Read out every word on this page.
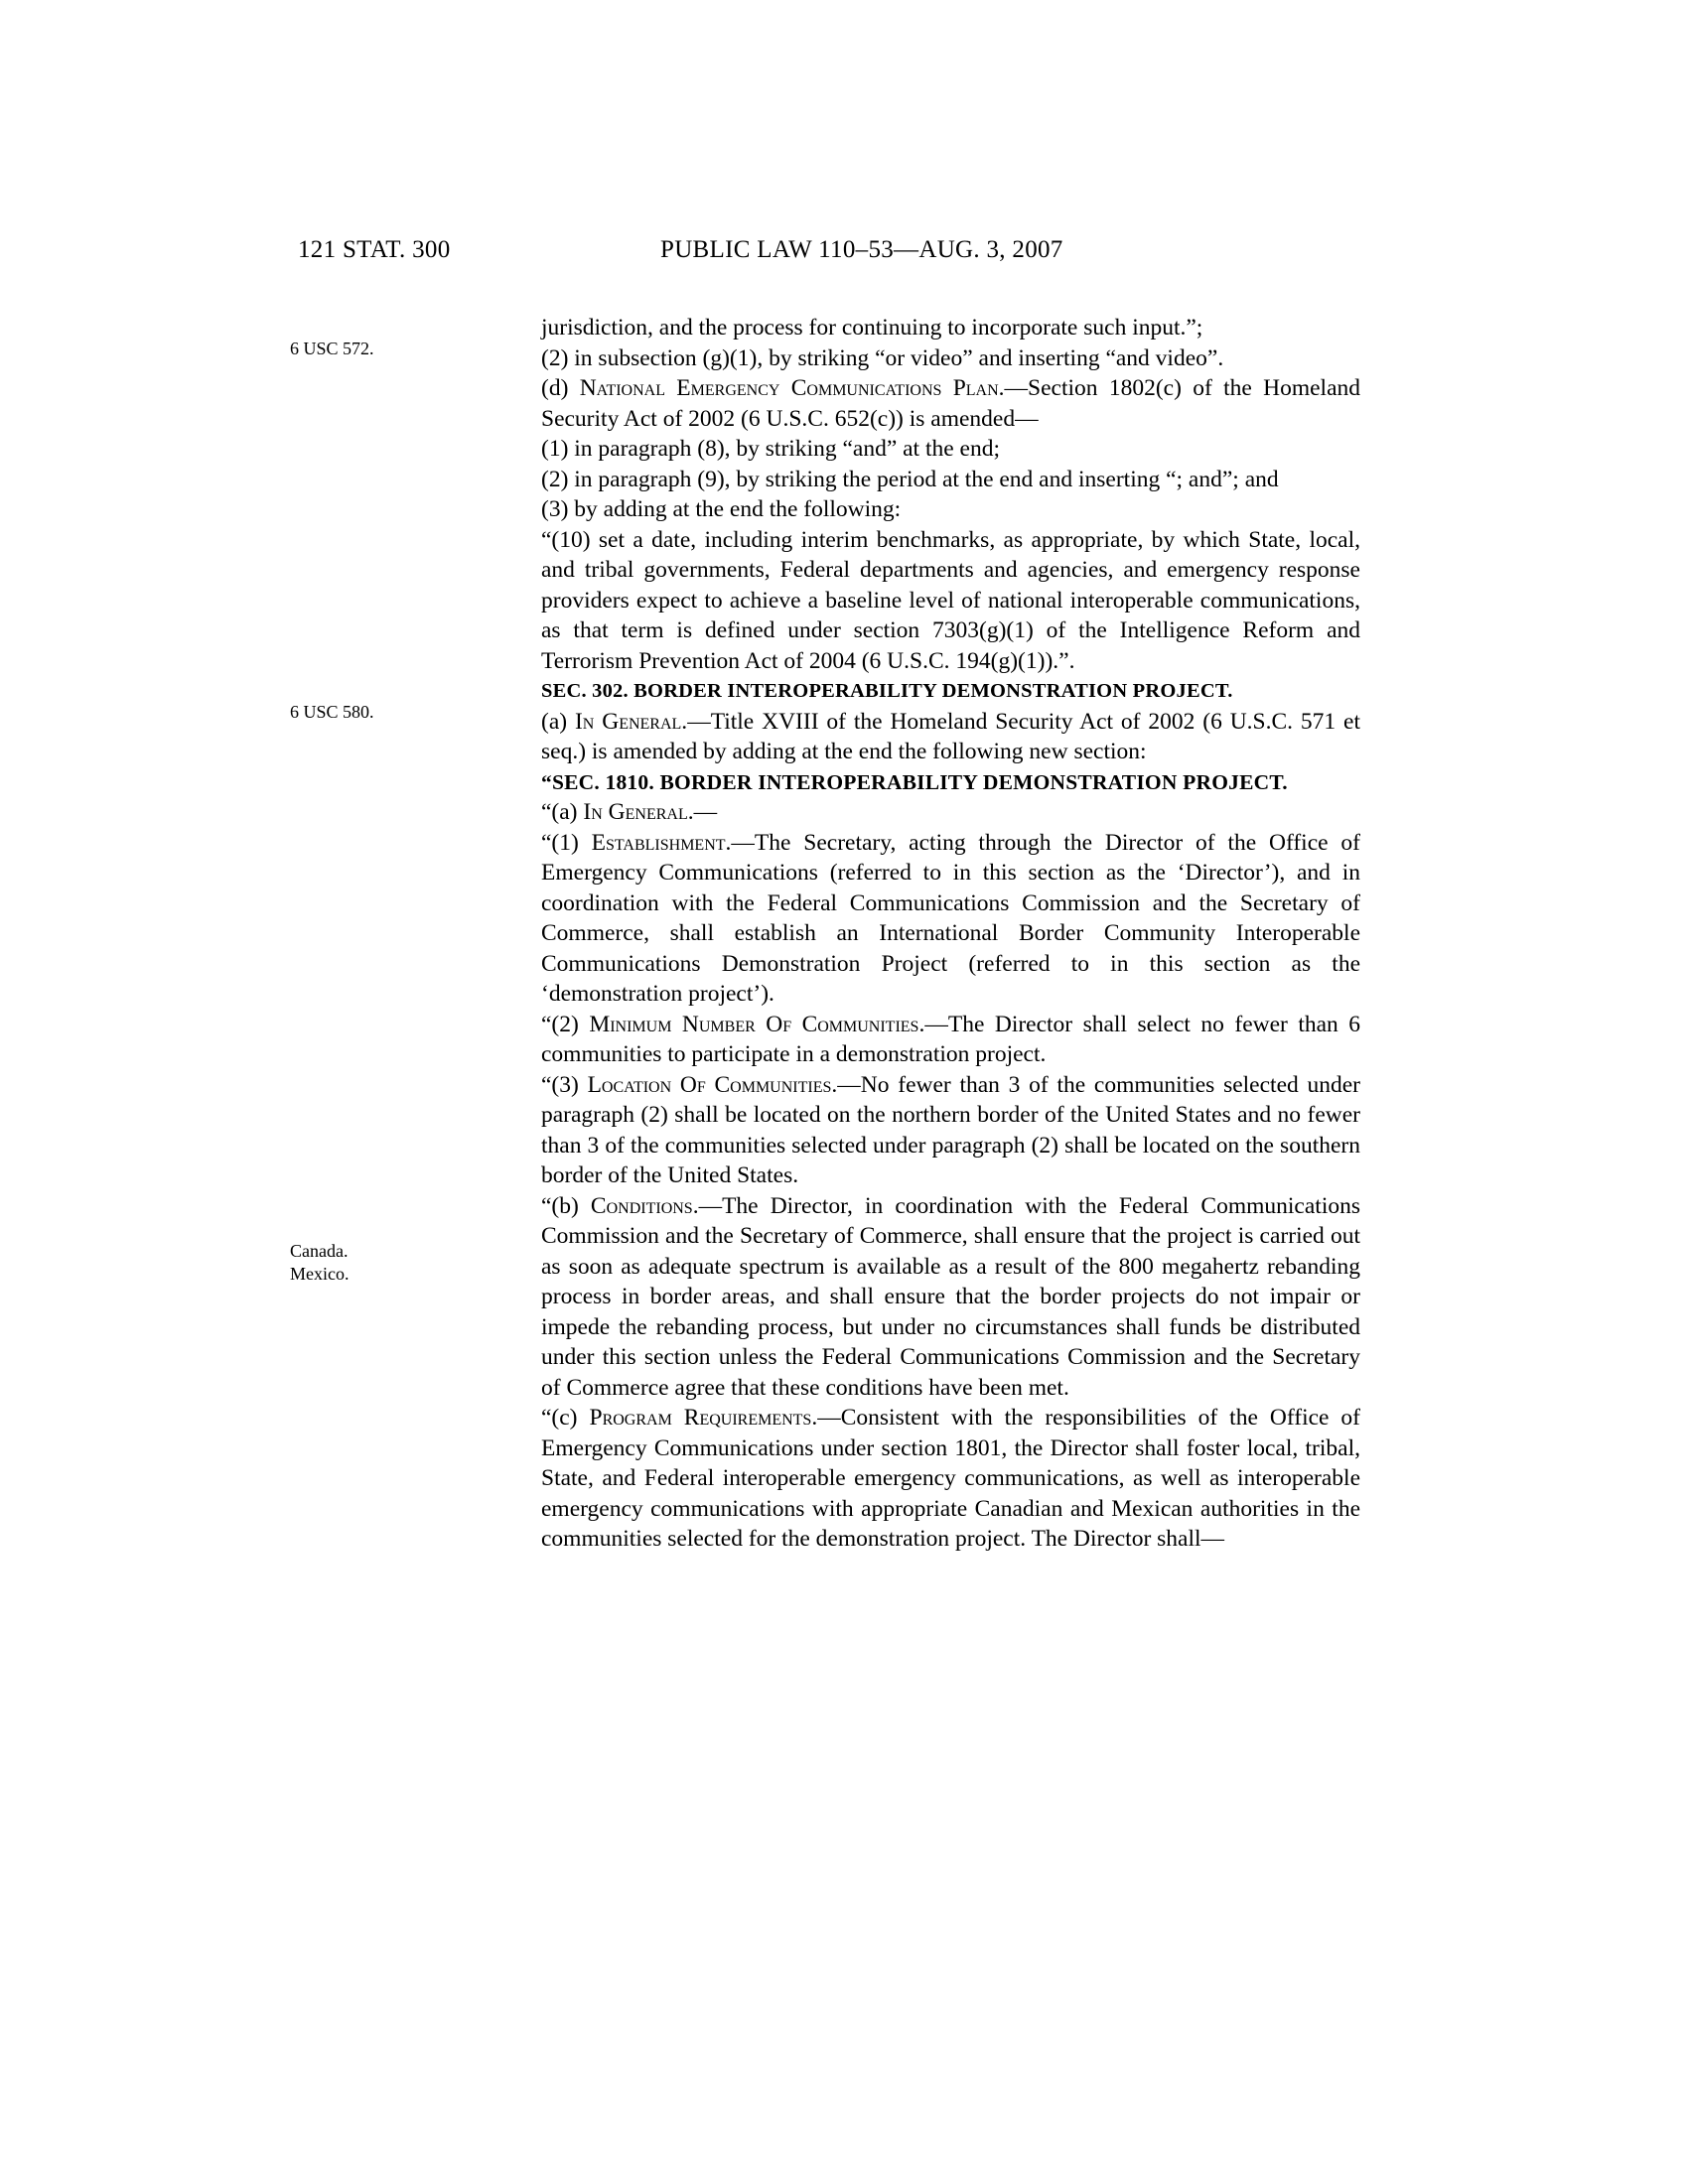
121 STAT. 300	PUBLIC LAW 110–53—AUG. 3, 2007
6 USC 572.
6 USC 580.
Canada.
Mexico.

jurisdiction, and the process for continuing to incorporate such input.”;

(2) in subsection (g)(1), by striking “or video” and inserting “and video”.

(d) National Emergency Communications Plan.—Section 1802(c) of the Homeland Security Act of 2002 (6 U.S.C. 652(c)) is amended—

(1) in paragraph (8), by striking “and” at the end;

(2) in paragraph (9), by striking the period at the end and inserting “; and”; and

(3) by adding at the end the following:

“(10) set a date, including interim benchmarks, as appropriate, by which State, local, and tribal governments, Federal departments and agencies, and emergency response providers expect to achieve a baseline level of national interoperable communications, as that term is defined under section 7303(g)(1) of the Intelligence Reform and Terrorism Prevention Act of 2004 (6 U.S.C. 194(g)(1)).”.

SEC. 302. BORDER INTEROPERABILITY DEMONSTRATION PROJECT.

(a) In General.—Title XVIII of the Homeland Security Act of 2002 (6 U.S.C. 571 et seq.) is amended by adding at the end the following new section:

“SEC. 1810. BORDER INTEROPERABILITY DEMONSTRATION PROJECT.

“(a) In General.—

“(1) Establishment.—The Secretary, acting through the Director of the Office of Emergency Communications (referred to in this section as the ‘Director’), and in coordination with the Federal Communications Commission and the Secretary of Commerce, shall establish an International Border Community Interoperable Communications Demonstration Project (referred to in this section as the ‘demonstration project’).

“(2) Minimum Number Of Communities.—The Director shall select no fewer than 6 communities to participate in a demonstration project.

“(3) Location Of Communities.—No fewer than 3 of the communities selected under paragraph (2) shall be located on the northern border of the United States and no fewer than 3 of the communities selected under paragraph (2) shall be located on the southern border of the United States.

“(b) Conditions.—The Director, in coordination with the Federal Communications Commission and the Secretary of Commerce, shall ensure that the project is carried out as soon as adequate spectrum is available as a result of the 800 megahertz rebanding process in border areas, and shall ensure that the border projects do not impair or impede the rebanding process, but under no circumstances shall funds be distributed under this section unless the Federal Communications Commission and the Secretary of Commerce agree that these conditions have been met.

“(c) Program Requirements.—Consistent with the responsibilities of the Office of Emergency Communications under section 1801, the Director shall foster local, tribal, State, and Federal interoperable emergency communications, as well as interoperable emergency communications with appropriate Canadian and Mexican authorities in the communities selected for the demonstration project. The Director shall—
